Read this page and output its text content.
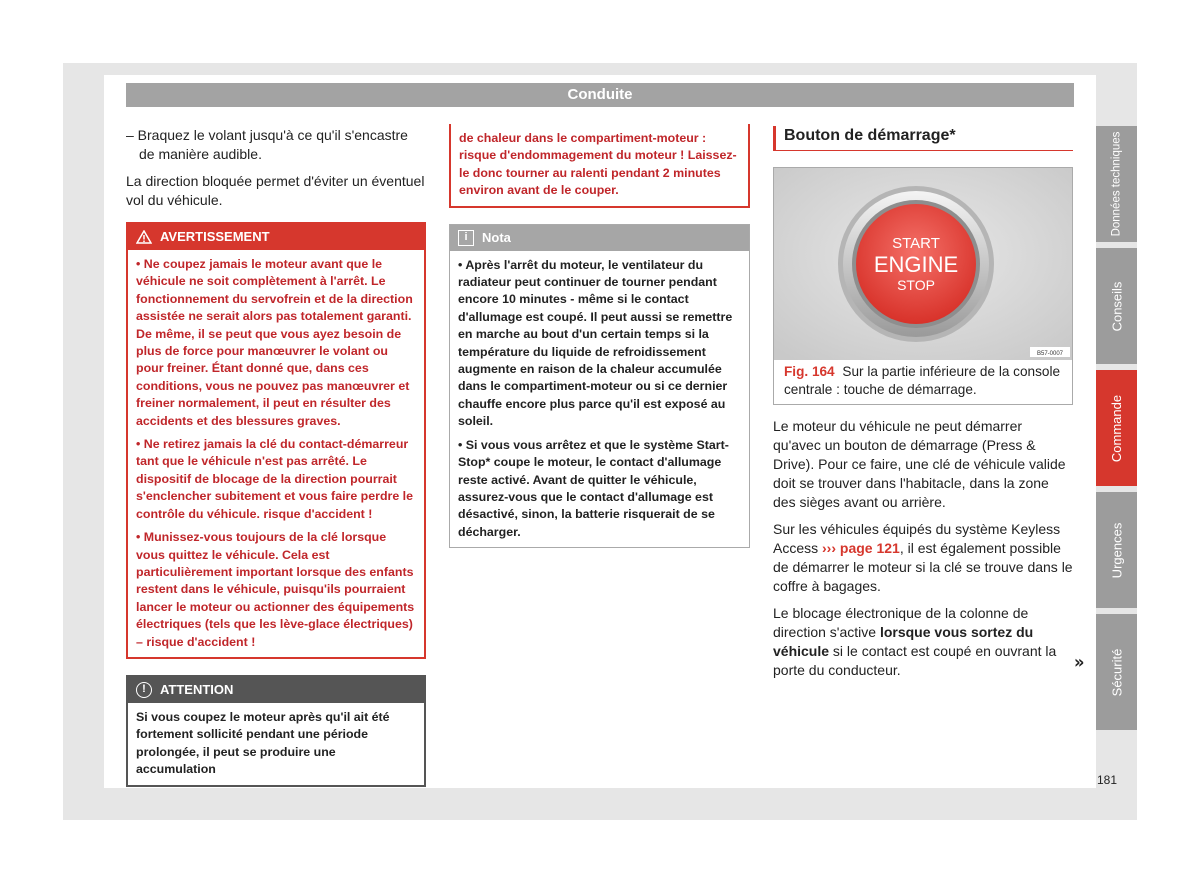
Conduite
– Braquez le volant jusqu'à ce qu'il s'encastre de manière audible.

La direction bloquée permet d'éviter un éventuel vol du véhicule.

AVERTISSEMENT
• Ne coupez jamais le moteur avant que le véhicule ne soit complètement à l'arrêt. Le fonctionnement du servofrein et de la direction assistée ne serait alors pas totalement garanti. De même, il se peut que vous ayez besoin de plus de force pour manœuvrer le volant ou pour freiner. Étant donné que, dans ces conditions, vous ne pouvez pas manœuvrer et freiner normalement, il peut en résulter des accidents et des blessures graves.
• Ne retirez jamais la clé du contact-démarreur tant que le véhicule n'est pas arrêté. Le dispositif de blocage de la direction pourrait s'enclencher subitement et vous faire perdre le contrôle du véhicule. risque d'accident !
• Munissez-vous toujours de la clé lorsque vous quittez le véhicule. Cela est particulièrement important lorsque des enfants restent dans le véhicule, puisqu'ils pourraient lancer le moteur ou actionner des équipements électriques (tels que les lève-glace électriques) – risque d'accident !
!	ATTENTION
Si vous coupez le moteur après qu'il ait été fortement sollicité pendant une période prolongée, il peut se produire une accumulation
de chaleur dans le compartiment-moteur : risque d'endommagement du moteur ! Laissez-le donc tourner au ralenti pendant 2 minutes environ avant de le couper.
i	Nota
• Après l'arrêt du moteur, le ventilateur du radiateur peut continuer de tourner pendant encore 10 minutes - même si le contact d'allumage est coupé. Il peut aussi se remettre en marche au bout d'un certain temps si la température du liquide de refroidissement augmente en raison de la chaleur accumulée dans le compartiment-moteur ou si ce dernier chauffe encore plus parce qu'il est exposé au soleil.
• Si vous vous arrêtez et que le système Start-Stop* coupe le moteur, le contact d'allumage reste activé. Avant de quitter le véhicule, assurez-vous que le contact d'allumage est désactivé, sinon, la batterie risquerait de se décharger.
Bouton de démarrage*
START
ENGINE
STOP
B57-0007
Fig. 164 Sur la partie inférieure de la console centrale : touche de démarrage.

Le moteur du véhicule ne peut démarrer qu'avec un bouton de démarrage (Press & Drive). Pour ce faire, une clé de véhicule valide doit se trouver dans l'habitacle, dans la zone des sièges avant ou arrière.

Sur les véhicules équipés du système Keyless Access ››› page 121, il est également possible de démarrer le moteur si la clé se trouve dans le coffre à bagages.

Le blocage électronique de la colonne de direction s'active lorsque vous sortez du véhicule si le contact est coupé en ouvrant la porte du conducteur.	»
Données techniques
Conseils
Commande
Urgences
Sécurité
181
